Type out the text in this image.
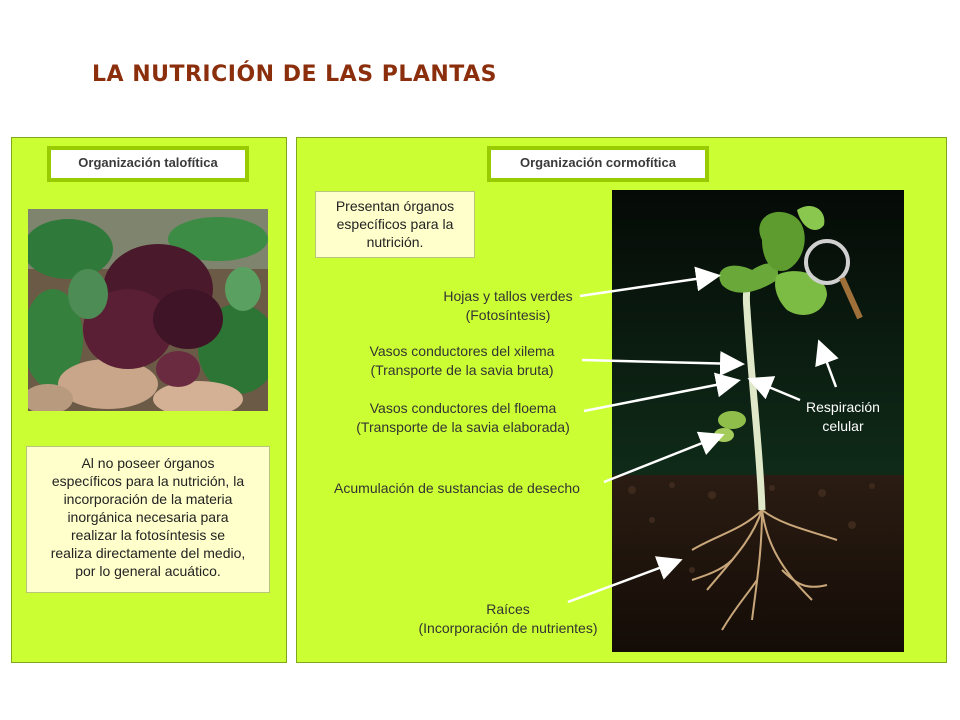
LA NUTRICIÓN DE LAS PLANTAS
Organización talofítica
Al no poseer órganos
específicos para la nutrición, la
incorporación de la materia
inorgánica necesaria para
realizar la fotosíntesis se
realiza directamente del medio,
por lo general acuático.
Organización cormofítica
Presentan órganos
específicos para la
nutrición.
Hojas y tallos verdes
(Fotosíntesis)
Vasos conductores del xilema
(Transporte de la savia bruta)
Vasos conductores del floema
(Transporte de la savia elaborada)
Acumulación de sustancias de desecho
Raíces
(Incorporación de nutrientes)
Respiración
celular
